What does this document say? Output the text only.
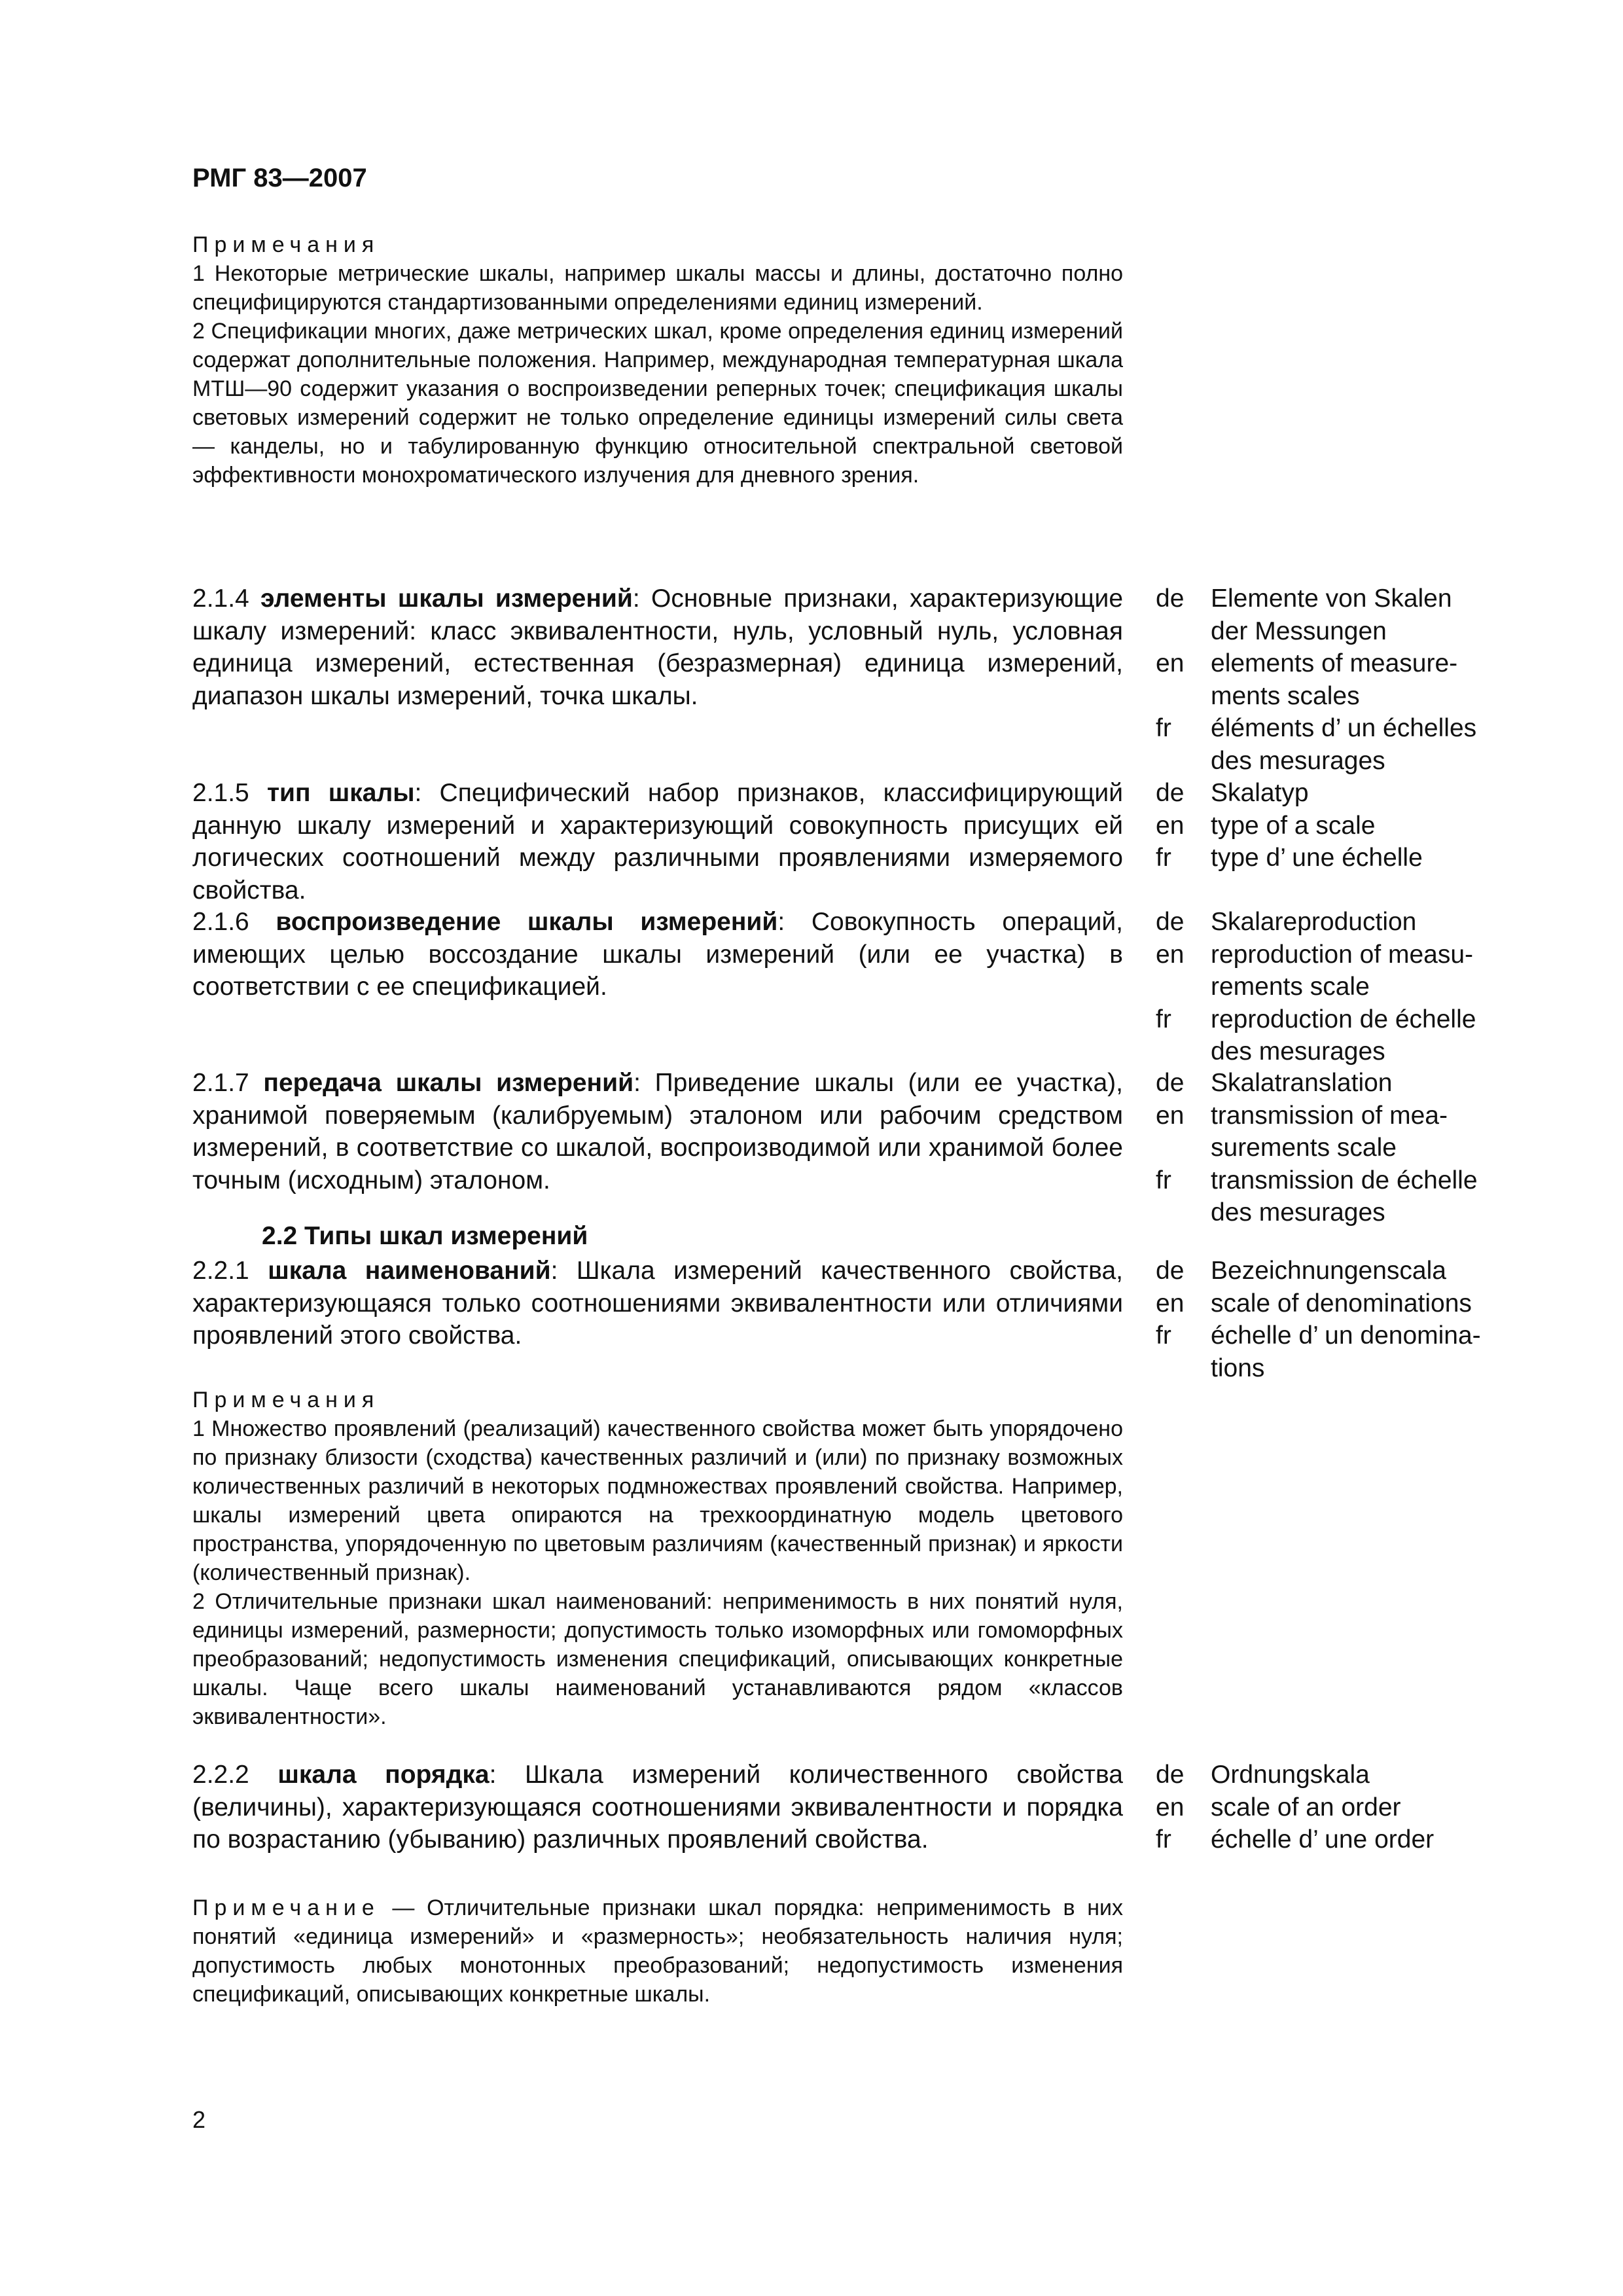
РМГ 83—2007

Примечания

1 Некоторые метрические шкалы, например шкалы массы и длины, достаточно полно специфицируются стандартизованными определениями единиц измерений.

2 Спецификации многих, даже метрических шкал, кроме определения единиц измерений содержат дополнительные положения. Например, международная температурная шкала МТШ—90 содержит указания о воспроизведении реперных точек; спецификация шкалы световых измерений содержит не только определение единицы измерений силы света — канделы, но и табулированную функцию относительной спектральной световой эффективности монохроматического излучения для дневного зрения.

2.1.4 элементы шкалы измерений: Основные признаки, характеризующие шкалу измерений: класс эквивалентности, нуль, условный нуль, условная единица измерений, естественная (безразмерная) единица измерений, диапазон шкалы измерений, точка шкалы.

de	Elemente von Skalen
der Messungen
en	elements of measure-
ments scales
fr	éléments d’ un échelles
des mesurages

2.1.5 тип шкалы: Специфический набор признаков, классифицирующий данную шкалу измерений и характеризующий совокупность присущих ей логических соотношений между различными проявлениями измеряемого свойства.

de	Skalatyp
en	type of a scale
fr	type d’ une échelle

2.1.6 воспроизведение шкалы измерений: Совокупность операций, имеющих целью воссоздание шкалы измерений (или ее участка) в соответствии с ее спецификацией.

de	Skalareproduction
en	reproduction of measu-
rements scale
fr	reproduction de échelle
des mesurages

2.1.7 передача шкалы измерений: Приведение шкалы (или ее участка), хранимой поверяемым (калибруемым) эталоном или рабочим средством измерений, в соответствие со шкалой, воспроизводимой или хранимой более точным (исходным) эталоном.

de	Skalatranslation
en	transmission of mea-
surements scale
fr	transmission de échelle
des mesurages
2.2 Типы шкал измерений

2.2.1 шкала наименований: Шкала измерений качественного свойства, характеризующаяся только соотношениями эквивалентности или отличиями проявлений этого свойства.

de	Bezeichnungenscala
en	scale of denominations
fr	échelle d’ un denomina-
tions

Примечания

1 Множество проявлений (реализаций) качественного свойства может быть упорядочено по признаку близости (сходства) качественных различий и (или) по признаку возможных количественных различий в некоторых подмножествах проявлений свойства. Например, шкалы измерений цвета опираются на трехкоординатную модель цветового пространства, упорядоченную по цветовым различиям (качественный признак) и яркости (количественный признак).

2 Отличительные признаки шкал наименований: неприменимость в них понятий нуля, единицы измерений, размерности; допустимость только изоморфных или гомоморфных преобразований; недопустимость изменения спецификаций, описывающих конкретные шкалы. Чаще всего шкалы наименований устанавливаются рядом «классов эквивалентности».

2.2.2 шкала порядка: Шкала измерений количественного свойства (величины), характеризующаяся соотношениями эквивалентности и порядка по возрастанию (убыванию) различных проявлений свойства.

de	Ordnungskala
en	scale of an order
fr	échelle d’ une order

Примечание — Отличительные признаки шкал порядка: неприменимость в них понятий «единица измерений» и «размерность»; необязательность наличия нуля; допустимость любых монотонных преобразований; недопустимость изменения спецификаций, описывающих конкретные шкалы.

2
